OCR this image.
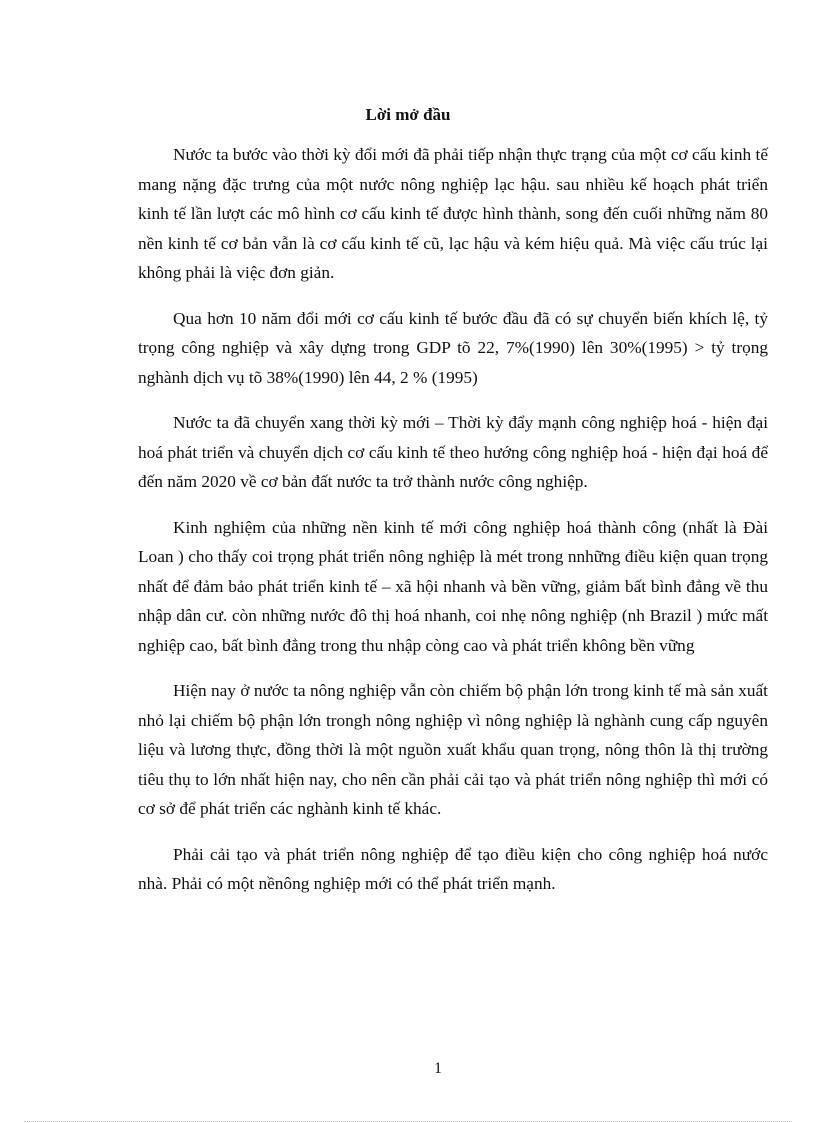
Lời mở đầu

Nước ta bước vào thời kỳ đổi mới đã phải tiếp nhận thực trạng của một cơ cấu kinh tế mang nặng đặc trưng của một nước nông nghiệp lạc hậu. sau nhiều kế hoạch phát triển kinh tế lần lượt các mô hình cơ cấu kinh tế được hình thành, song đến cuối những năm 80 nền kinh tế cơ bản vẫn là cơ cấu kinh tế cũ, lạc hậu và kém hiệu quả. Mà việc cấu trúc lại không phải là việc đơn giản.

Qua hơn 10 năm đổi mới cơ cấu kinh tế bước đầu đã có sự chuyển biến khích lệ, tỷ trọng công nghiệp và xây dựng trong GDP tõ 22, 7%(1990) lên 30%(1995) > tỷ trọng nghành dịch vụ tõ 38%(1990) lên 44, 2 % (1995)

Nước ta đã chuyển xang thời kỳ mới – Thời kỳ đẩy mạnh công nghiệp hoá - hiện đại hoá phát triển và chuyển dịch cơ cấu kinh tế theo hướng công nghiệp hoá - hiện đại hoá để đến năm 2020 về cơ bản đất nước ta trở thành nước công nghiệp.

Kinh nghiệm của những nền kinh tế mới công nghiệp hoá thành công (nhất là Đài Loan ) cho thấy coi trọng phát triển nông nghiệp là mét trong nnhững điều kiện quan trọng nhất để đảm bảo phát triển kinh tế – xã hội nhanh và bền vững, giảm bất bình đẳng về thu nhập dân cư. còn những nước đô thị hoá nhanh, coi nhẹ nông nghiệp (nh Brazil ) mức mất nghiệp cao, bất bình đẳng trong thu nhập còng cao và phát triển không bền vững

Hiện nay ở nước ta nông nghiệp vẫn còn chiếm bộ phận lớn trong kinh tế mà sản xuất nhỏ lại chiếm bộ phận lớn trongh nông nghiệp vì nông nghiệp là nghành cung cấp nguyên liệu và lương thực, đồng thời là một nguồn xuất khẩu quan trọng, nông thôn là thị trường tiêu thụ to lớn nhất hiện nay, cho nên cần phải cải tạo và phát triển nông nghiệp thì mới có cơ sở để phát triển các nghành kinh tế khác.

Phải cải tạo và phát triển nông nghiệp để tạo điều kiện cho công nghiệp hoá nước nhà. Phải có một nềnông nghiệp mới có thể phát triển mạnh.

1
